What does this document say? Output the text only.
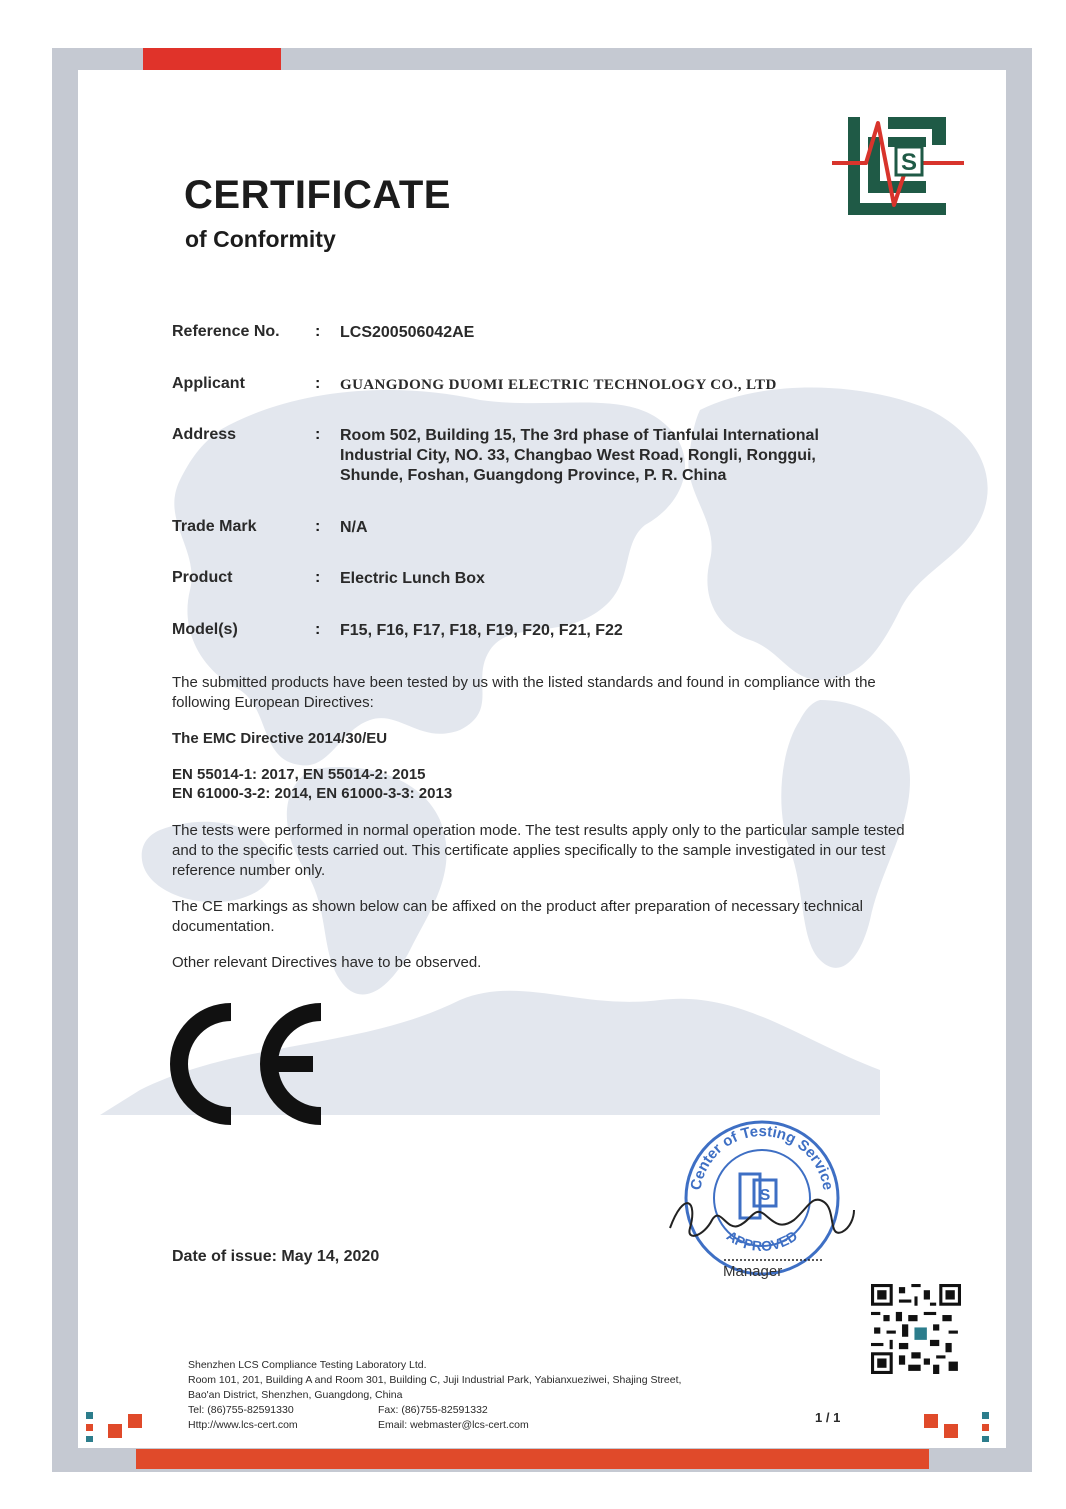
S
CERTIFICATE
of Conformity
Reference No. : LCS200506042AE
Applicant	: GUANGDONG DUOMI ELECTRIC TECHNOLOGY CO., LTD
Address	: Room 502, Building 15, The 3rd phase of Tianfulai International Industrial City, NO. 33, Changbao West Road, Rongli, Ronggui, Shunde, Foshan, Guangdong Province, P. R. China
Trade Mark	: N/A
Product	: Electric Lunch Box
Model(s)	: F15, F16, F17, F18, F19, F20, F21, F22
The submitted products have been tested by us with the listed standards and found in compliance with the following European Directives:
The EMC Directive 2014/30/EU
EN 55014-1: 2017, EN 55014-2: 2015
EN 61000-3-2: 2014, EN 61000-3-3: 2013
The tests were performed in normal operation mode. The test results apply only to the particular sample tested and to the specific tests carried out. This certificate applies specifically to the sample investigated in our test reference number only.
The CE markings as shown below can be affixed on the product after preparation of necessary technical documentation.
Other relevant Directives have to be observed.
Center of Testing Service
APPROVED
S
Date of issue: May 14, 2020
Manager
Shenzhen LCS Compliance Testing Laboratory Ltd.
Room 101, 201, Building A and Room 301, Building C, Juji Industrial Park, Yabianxueziwei, Shajing Street,
Bao'an District, Shenzhen, Guangdong, China
Tel: (86)755-82591330
Http://www.lcs-cert.com
Fax: (86)755-82591332
Email: webmaster@lcs-cert.com	1 / 1
